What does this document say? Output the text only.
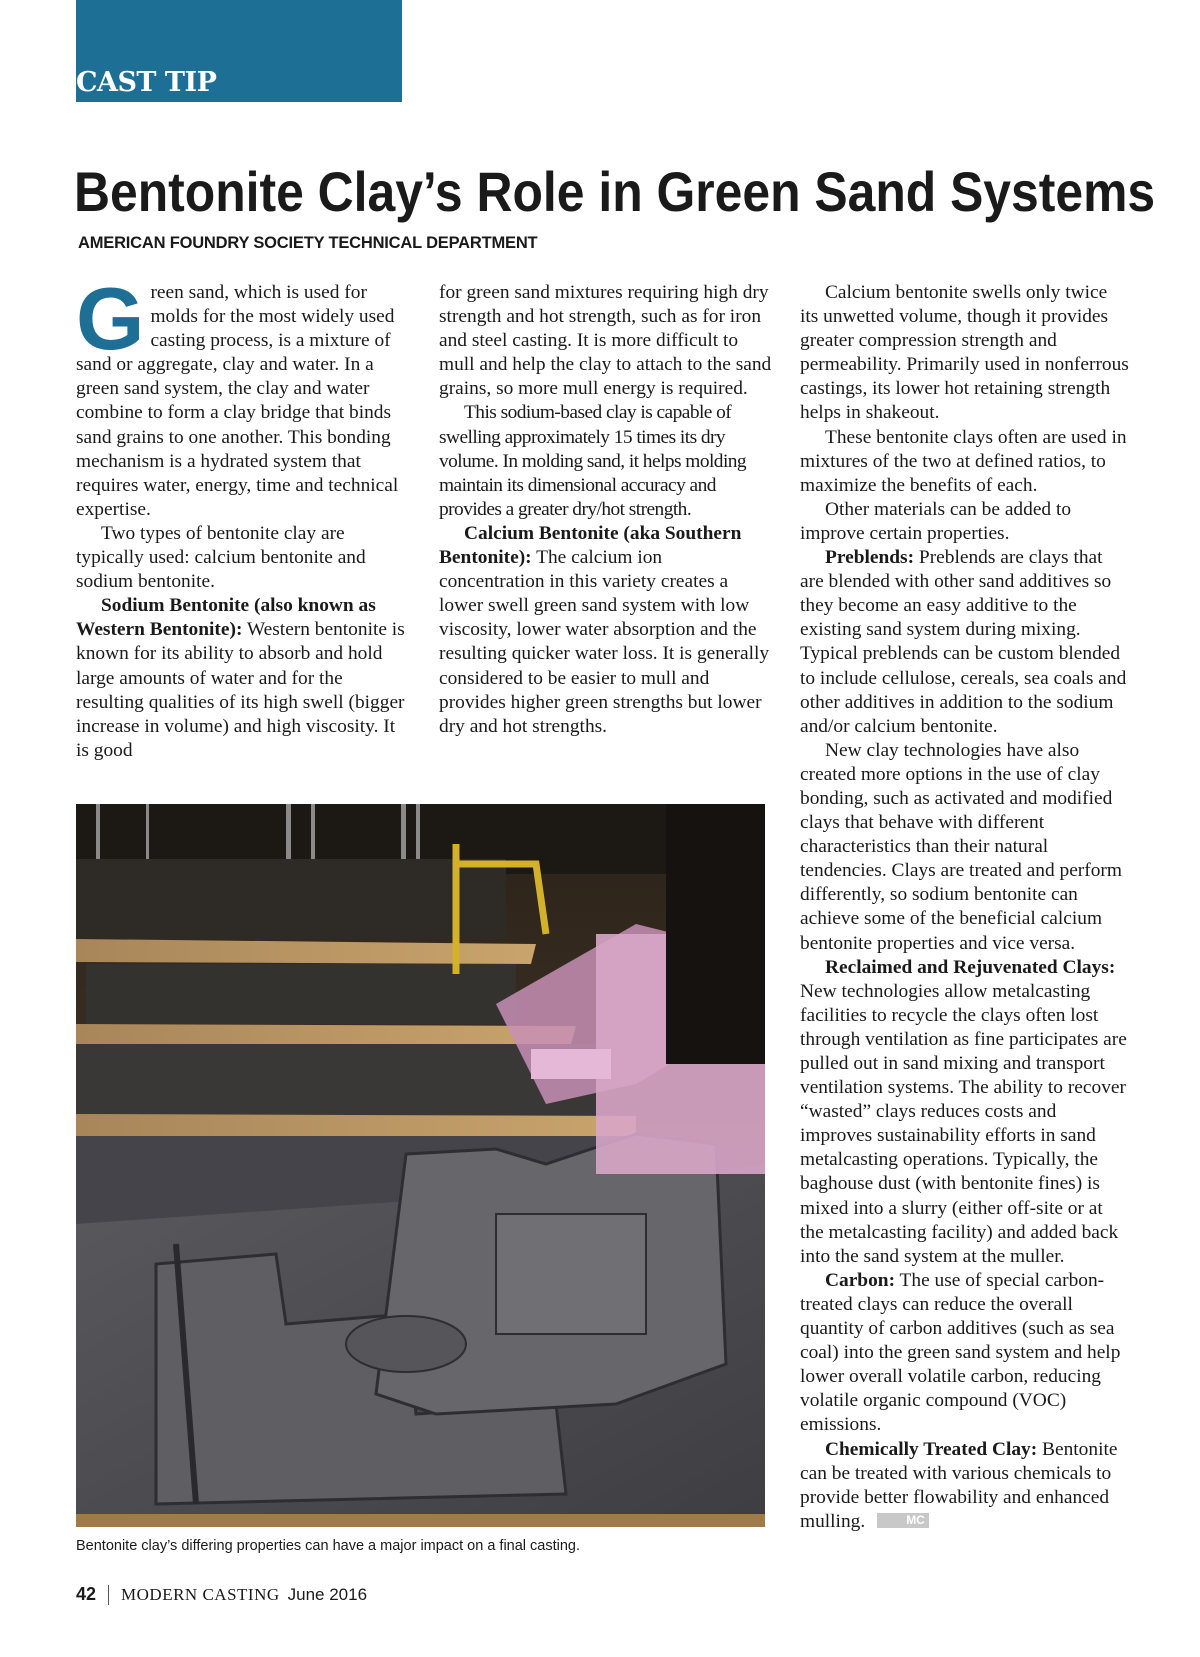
CAST TIP
Bentonite Clay’s Role in Green Sand Systems
AMERICAN FOUNDRY SOCIETY TECHNICAL DEPARTMENT

Green sand, which is used for molds for the most widely used casting process, is a mixture of sand or aggregate, clay and water. In a green sand system, the clay and water combine to form a clay bridge that binds sand grains to one another. This bonding mechanism is a hydrated system that requires water, energy, time and technical expertise.

Two types of bentonite clay are typically used: calcium bentonite and sodium bentonite.

Sodium Bentonite (also known as Western Bentonite): Western bentonite is known for its ability to absorb and hold large amounts of water and for the resulting qualities of its high swell (bigger increase in volume) and high viscosity. It is good

for green sand mixtures requiring high dry strength and hot strength, such as for iron and steel casting. It is more difficult to mull and help the clay to attach to the sand grains, so more mull energy is required.

This sodium-based clay is capable of swelling approximately 15 times its dry volume. In molding sand, it helps molding maintain its dimensional accuracy and provides a greater dry/hot strength.

Calcium Bentonite (aka Southern Bentonite): The calcium ion concentration in this variety creates a lower swell green sand system with low viscosity, lower water absorption and the resulting quicker water loss. It is generally considered to be easier to mull and provides higher green strengths but lower dry and hot strengths.

Calcium bentonite swells only twice its unwetted volume, though it provides greater compression strength and permeability. Primarily used in nonferrous castings, its lower hot retaining strength helps in shakeout.

These bentonite clays often are used in mixtures of the two at defined ratios, to maximize the benefits of each.

Other materials can be added to improve certain properties.

Preblends: Preblends are clays that are blended with other sand additives so they become an easy additive to the existing sand system during mixing. Typical preblends can be custom blended to include cellulose, cereals, sea coals and other additives in addition to the sodium and/or calcium bentonite.

New clay technologies have also created more options in the use of clay bonding, such as activated and modified clays that behave with different characteristics than their natural tendencies. Clays are treated and perform differently, so sodium bentonite can achieve some of the beneficial calcium bentonite properties and vice versa.

Reclaimed and Rejuvenated Clays: New technologies allow metalcasting facilities to recycle the clays often lost through ventilation as fine participates are pulled out in sand mixing and transport ventilation systems. The ability to recover “wasted” clays reduces costs and improves sustainability efforts in sand metalcasting operations. Typically, the baghouse dust (with bentonite fines) is mixed into a slurry (either off-site or at the metalcasting facility) and added back into the sand system at the muller.

Carbon: The use of special carbon-treated clays can reduce the overall quantity of carbon additives (such as sea coal) into the green sand system and help lower overall volatile carbon, reducing volatile organic compound (VOC) emissions.

Chemically Treated Clay: Bentonite can be treated with various chemicals to provide better flowability and enhanced mulling.	MC

Bentonite clay’s differing properties can have a major impact on a final casting.
42 MODERN CASTING June 2016
